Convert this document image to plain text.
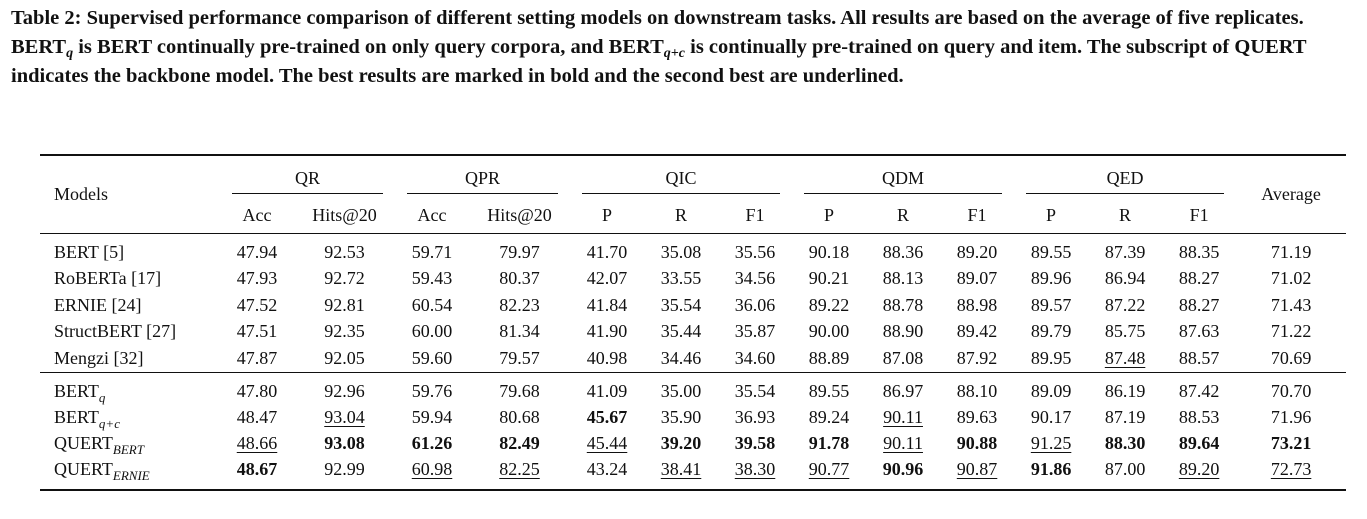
Table 2: Supervised performance comparison of different setting models on downstream tasks. All results are based on the average of five replicates. $BERT_q$ is BERT continually pre-trained on only query corpora, and $BERT_{q+c}$ is continually pre-trained on query and item. The subscript of QUERT indicates the backbone model. The best results are marked in bold and the second best are underlined.

Models	QR		QPR		QIC			QDM			QED			Average
	Acc	Hits@20	Acc	Hits@20	P	R	F1	P	R	F1	P	R	F1	
BERT [5]	47.94	92.53	59.71	79.97	41.70	35.08	35.56	90.18	88.36	89.20	89.55	87.39	88.35	71.19
RoBERTa [17]	47.93	92.72	59.43	80.37	42.07	33.55	34.56	90.21	88.13	89.07	89.96	86.94	88.27	71.02
ERNIE [24]	47.52	92.81	60.54	82.23	41.84	35.54	36.06	89.22	88.78	88.98	89.57	87.22	88.27	71.43
StructBERT [27]	47.51	92.35	60.00	81.34	41.90	35.44	35.87	90.00	88.90	89.42	89.79	85.75	87.63	71.22
Mengzi [32]	47.87	92.05	59.60	79.57	40.98	34.46	34.60	88.89	87.08	87.92	89.95	87.48	88.57	70.69
$BERT_q$	47.80	92.96	59.76	79.68	41.09	35.00	35.54	89.55	86.97	88.10	89.09	86.19	87.42	70.70
$BERT_{q+c}$	48.47	93.04	59.94	80.68	45.67	35.90	36.93	89.24	90.11	89.63	90.17	87.19	88.53	71.96
$QUERT_{BERT}$	48.66	93.08	61.26	82.49	45.44	39.20	39.58	91.78	90.11	90.88	91.25	88.30	89.64	73.21
$QUERT_{ERNIE}$	48.67	92.99	60.98	82.25	43.24	38.41	38.30	90.77	90.96	90.87	91.86	87.00	89.20	72.73
